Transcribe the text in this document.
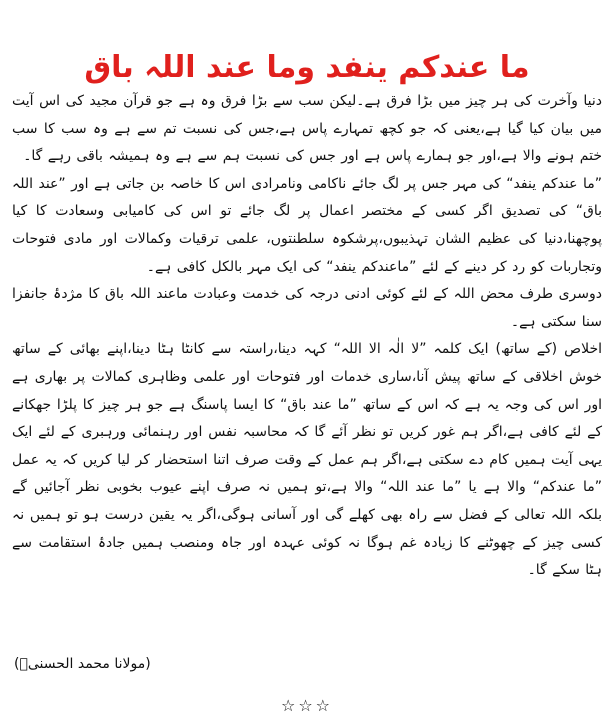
ما عندکم ینفد وما عند اللہ باق

دنیا وآخرت کی ہر چیز میں بڑا فرق ہے۔لیکن سب سے بڑا فرق وہ ہے جو قرآن مجید کی اس آیت میں بیان کیا گیا ہے،یعنی کہ جو کچھ تمہارے پاس ہے،جس کی نسبت تم سے ہے وہ سب کا سب ختم ہونے والا ہے،اور جو ہمارے پاس ہے اور جس کی نسبت ہم سے ہے وہ ہمیشہ باقی رہے گا۔

”ما عندکم ینفد“ کی مہر جس پر لگ جائے ناکامی ونامرادی اس کا خاصہ بن جاتی ہے اور ”عند اللہ باق“ کی تصدیق اگر کسی کے مختصر اعمال پر لگ جائے تو اس کی کامیابی وسعادت کا کیا پوچھنا،دنیا کی عظیم الشان تہذیبوں،پرشکوہ سلطنتوں، علمی ترقیات وکمالات اور مادی فتوحات وتجاربات کو رد کر دینے کے لئے ”ماعندکم ینفد“ کی ایک مہر بالکل کافی ہے۔

دوسری طرف محض اللہ کے لئے کوئی ادنی درجہ کی خدمت وعبادت ماعند اللہ باق کا مژدۂ جانفزا سنا سکتی ہے۔

اخلاص (کے ساتھ) ایک کلمہ ”لا الٰہ الا اللہ“ کہہ دینا،راستہ سے کانٹا ہٹا دینا،اپنے بھائی کے ساتھ خوش اخلاقی کے ساتھ پیش آنا،ساری خدمات اور فتوحات اور علمی وظاہری کمالات پر بھاری ہے اور اس کی وجہ یہ ہے کہ اس کے ساتھ ”ما عند باق“ کا ایسا پاسنگ ہے جو ہر چیز کا پلڑا جھکانے کے لئے کافی ہے،اگر ہم غور کریں تو نظر آئے گا کہ محاسبہ نفس اور رہنمائی ورہبری کے لئے ایک یہی آیت ہمیں کام دے سکتی ہے،اگر ہم عمل کے وقت صرف اتنا استحضار کر لیا کریں کہ یہ عمل ”ما عندکم“ والا ہے یا ”ما عند اللہ“ والا ہے،تو ہمیں نہ صرف اپنے عیوب بخوبی نظر آجائیں گے بلکہ اللہ تعالی کے فضل سے راہ بھی کھلے گی اور آسانی ہوگی،اگر یہ یقین درست ہو تو ہمیں نہ کسی چیز کے چھوٹنے کا زیادہ غم ہوگا نہ کوئی عہدہ اور جاہ ومنصب ہمیں جادۂ استقامت سے ہٹا سکے گا۔

(مولانا محمد الحسنیؒ)
☆☆☆
